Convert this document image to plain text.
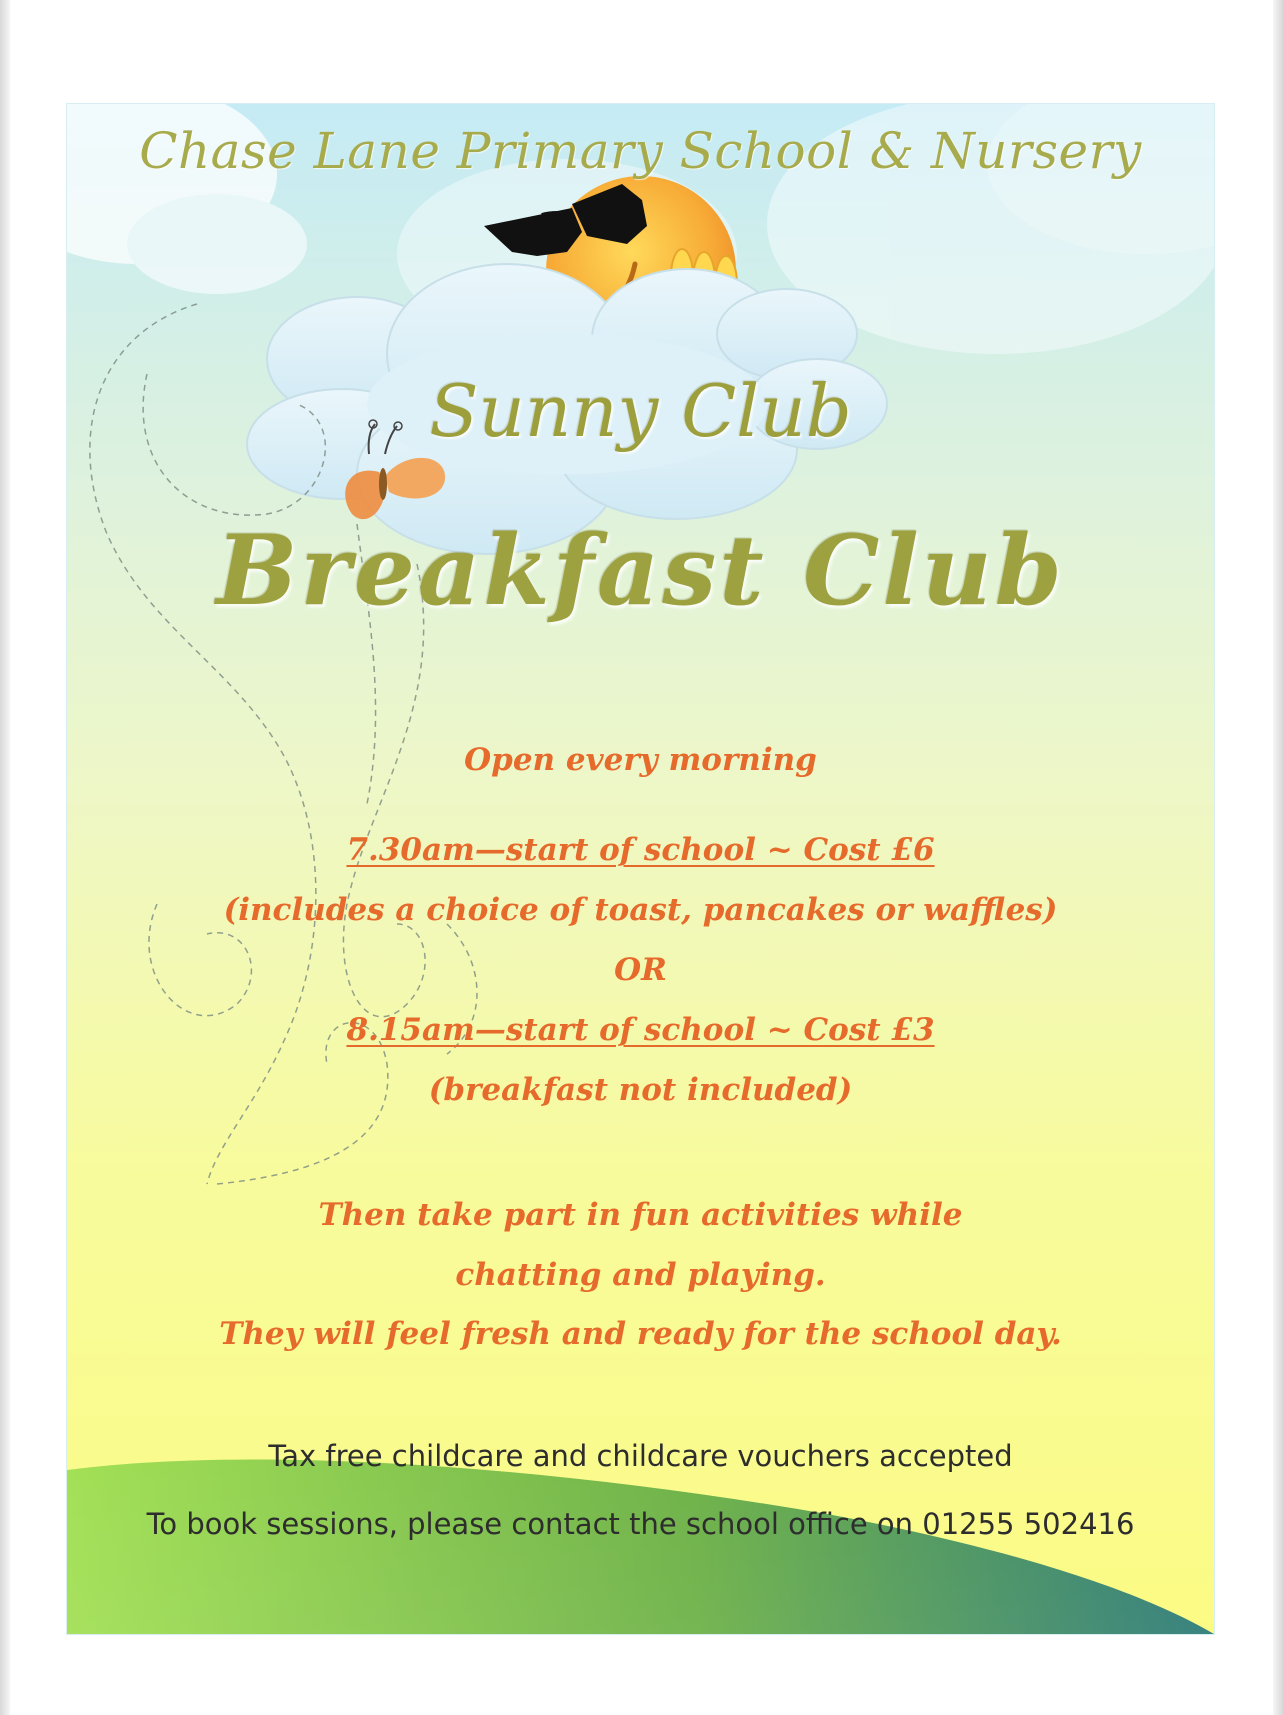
Chase Lane Primary School & Nursery
Sunny Club
Breakfast Club
Open every morning
7.30am—start of school ~ Cost £6
(includes a choice of toast, pancakes or waffles)
OR
8.15am—start of school ~ Cost £3
(breakfast not included)
Then take part in fun activities while
chatting and playing.
They will feel fresh and ready for the school day.
Tax free childcare and childcare vouchers accepted
To book sessions, please contact the school office on 01255 502416
